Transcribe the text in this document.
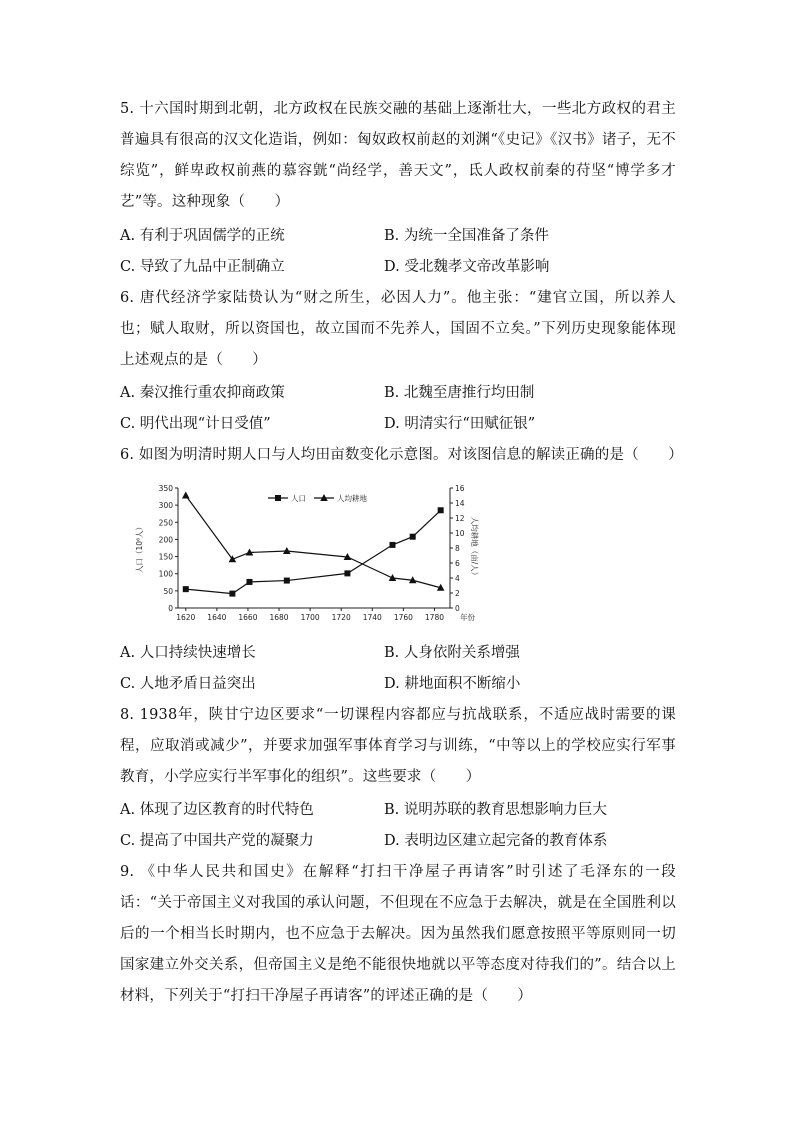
5. 十六国时期到北朝，北方政权在民族交融的基础上逐渐壮大，一些北方政权的君主普遍具有很高的汉文化造诣，例如：匈奴政权前赵的刘渊“《史记》《汉书》诸子，无不综览”，鲜卑政权前燕的慕容皝“尚经学，善天文”，氐人政权前秦的苻坚“博学多才艺”等。这种现象（　　）
A. 有利于巩固儒学的正统	B. 为统一全国准备了条件
C. 导致了九品中正制确立	D. 受北魏孝文帝改革影响
6. 唐代经济学家陆贽认为“财之所生，必因人力”。他主张：“建官立国，所以养人也；赋人取财，所以资国也，故立国而不先养人，国固不立矣。”下列历史现象能体现上述观点的是（　　）
A. 秦汉推行重农抑商政策	B. 北魏至唐推行均田制
C. 明代出现“计日受值”	D. 明清实行“田赋征银”
6. 如图为明清时期人口与人均田亩数变化示意图。对该图信息的解读正确的是（　　）
0
50
100
150
200
250
300
350
0
2
4
6
8
10
12
14
16
1620 1640 1660 1680 1700 1720 1740 1760 1780 年份
人口（10⁶人）	人均耕地（亩/人）
人口	人均耕地
A. 人口持续快速增长	B. 人身依附关系增强
C. 人地矛盾日益突出	D. 耕地面积不断缩小
8. 1938年，陕甘宁边区要求“一切课程内容都应与抗战联系，不适应战时需要的课程，应取消或减少”，并要求加强军事体育学习与训练，“中等以上的学校应实行军事教育，小学应实行半军事化的组织”。这些要求（　　）
A. 体现了边区教育的时代特色	B. 说明苏联的教育思想影响力巨大
C. 提高了中国共产党的凝聚力	D. 表明边区建立起完备的教育体系
9. 《中华人民共和国史》在解释“打扫干净屋子再请客”时引述了毛泽东的一段话：“关于帝国主义对我国的承认问题，不但现在不应急于去解决，就是在全国胜利以后的一个相当长时期内，也不应急于去解决。因为虽然我们愿意按照平等原则同一切国家建立外交关系，但帝国主义是绝不能很快地就以平等态度对待我们的”。结合以上材料，下列关于“打扫干净屋子再请客”的评述正确的是（　　）
